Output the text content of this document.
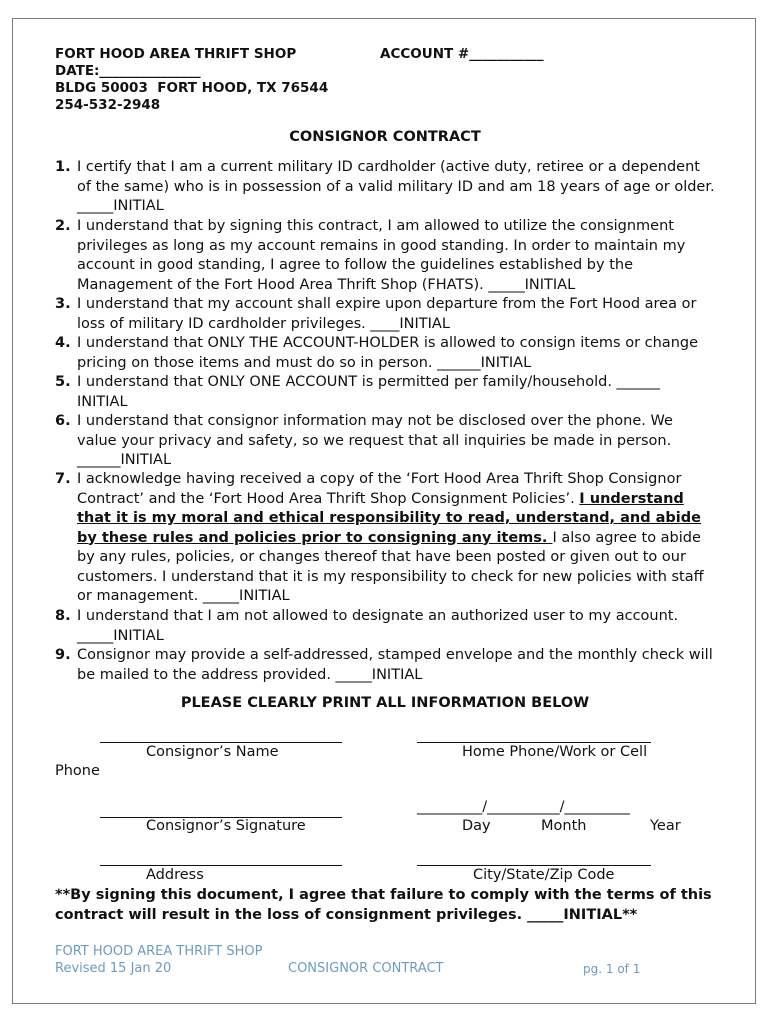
FORT HOOD AREA THRIFT SHOP	ACCOUNT #___________
DATE:_______________
BLDG 50003  FORT HOOD, TX 76544
254-532-2948
CONSIGNOR CONTRACT
1. I certify that I am a current military ID cardholder (active duty, retiree or a dependent of the same) who is in possession of a valid military ID and am 18 years of age or older. _____INITIAL
2. I understand that by signing this contract, I am allowed to utilize the consignment privileges as long as my account remains in good standing. In order to maintain my account in good standing, I agree to follow the guidelines established by the Management of the Fort Hood Area Thrift Shop (FHATS). _____INITIAL
3. I understand that my account shall expire upon departure from the Fort Hood area or loss of military ID cardholder privileges. ____INITIAL
4. I understand that ONLY THE ACCOUNT-HOLDER is allowed to consign items or change pricing on those items and must do so in person. ______INITIAL
5. I understand that ONLY ONE ACCOUNT is permitted per family/household. ______ INITIAL
6. I understand that consignor information may not be disclosed over the phone. We value your privacy and safety, so we request that all inquiries be made in person. ______INITIAL
7. I acknowledge having received a copy of the ‘Fort Hood Area Thrift Shop Consignor Contract’ and the ‘Fort Hood Area Thrift Shop Consignment Policies’. I understand that it is my moral and ethical responsibility to read, understand, and abide by these rules and policies prior to consigning any items. I also agree to abide by any rules, policies, or changes thereof that have been posted or given out to our customers. I understand that it is my responsibility to check for new policies with staff or management. _____INITIAL
8. I understand that I am not allowed to designate an authorized user to my account. _____INITIAL
9. Consignor may provide a self-addressed, stamped envelope and the monthly check will be mailed to the address provided. _____INITIAL
PLEASE CLEARLY PRINT ALL INFORMATION BELOW
Consignor’s Name	Home Phone/Work or Cell
Phone
_________/__________/_________
Consignor’s Signature	Day	Month	Year
Address	City/State/Zip Code
**By signing this document, I agree that failure to comply with the terms of this contract will result in the loss of consignment privileges. _____INITIAL**
FORT HOOD AREA THRIFT SHOP
Revised 15 Jan 20	CONSIGNOR CONTRACT	pg. 1 of 1
